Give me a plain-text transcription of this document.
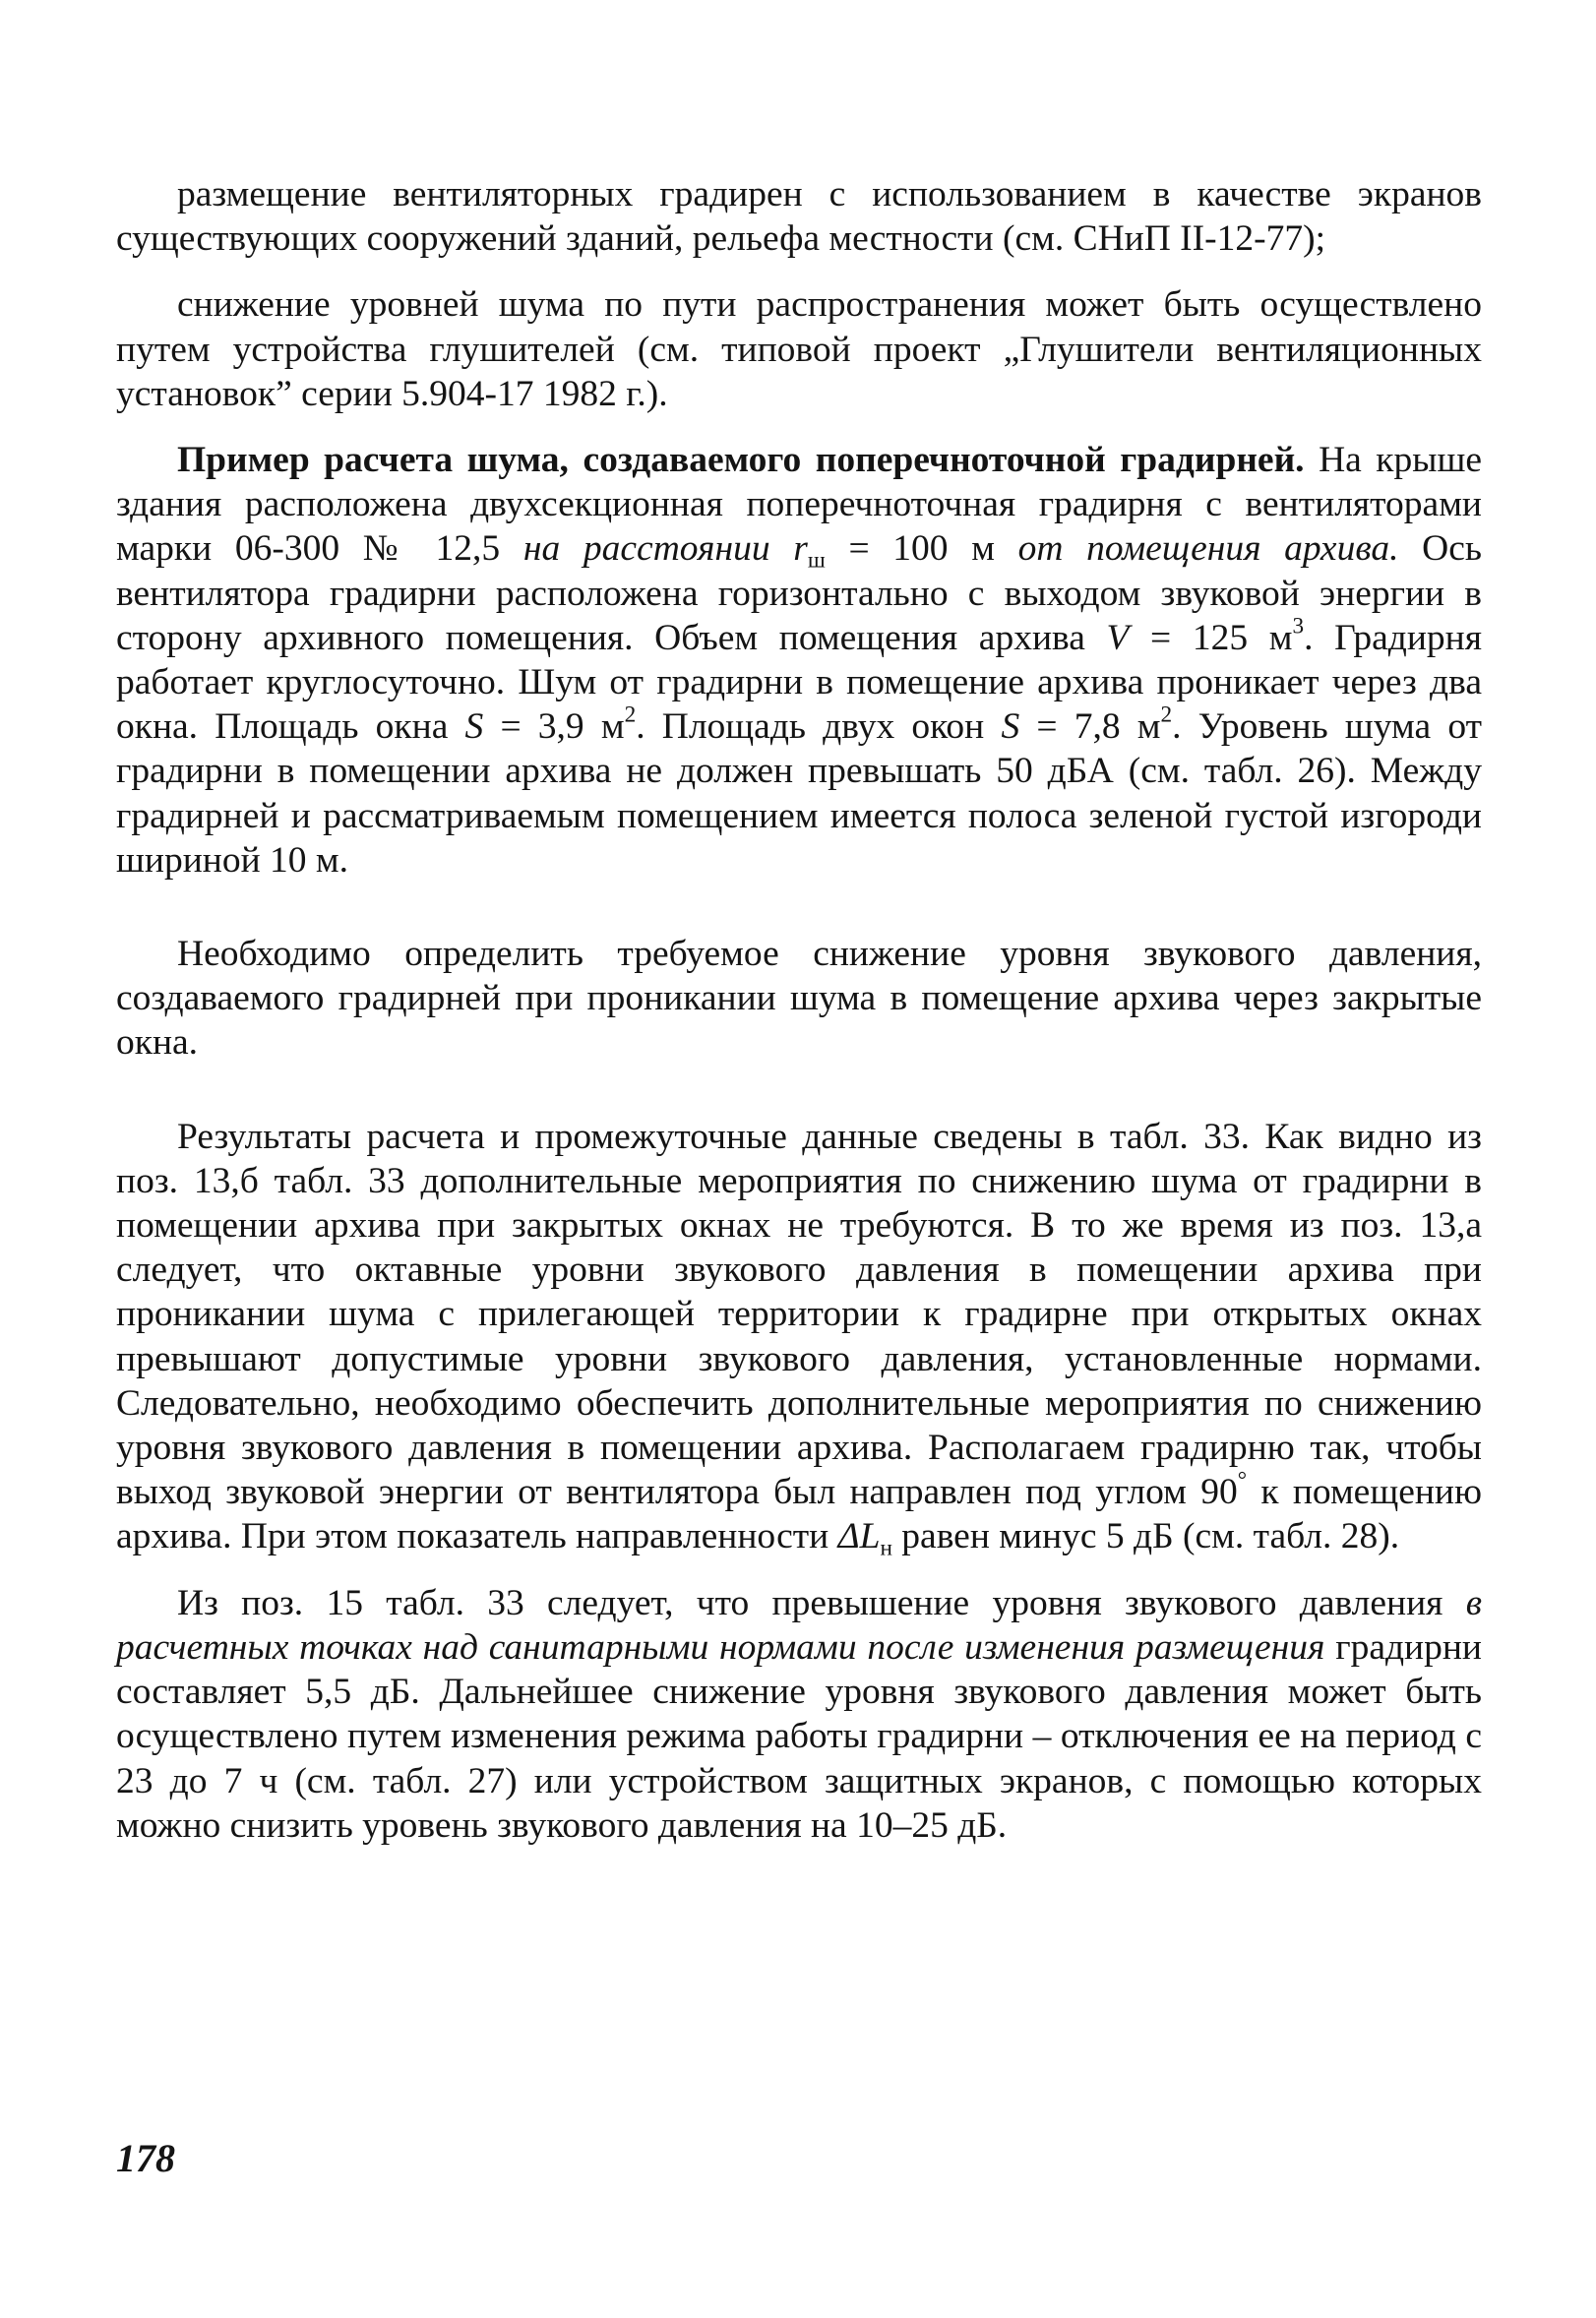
размещение вентиляторных градирен с использованием в качестве экранов существующих сооружений зданий, рельефа местности (см. СНиП II-12-77);

снижение уровней шума по пути распространения может быть осуществлено путем устройства глушителей (см. типовой проект „Глушители вентиляционных установок” серии 5.904-17 1982 г.).

Пример расчета шума, создаваемого поперечноточной градирней. На крыше здания расположена двухсекционная поперечноточная градирня с вентиляторами марки 06-300 № 12,5 на расстоянии $r_ш = 100$ м от помещения архива. Ось вентилятора градирни расположена горизонтально с выходом звуковой энергии в сторону архивного помещения. Объем помещения архива V = 125 $м^3$. Градирня работает круглосуточно. Шум от градирни в помещение архива проникает через два окна. Площадь окна S = 3,9 $м^2$. Площадь двух окон S = 7,8 $м^2$. Уровень шума от градирни в помещении архива не должен превышать 50 дБА (см. табл. 26). Между градирней и рассматриваемым помещением имеется полоса зеленой густой изгороди шириной 10 м.

Необходимо определить требуемое снижение уровня звукового давления, создаваемого градирней при проникании шума в помещение архива через закрытые окна.

Результаты расчета и промежуточные данные сведены в табл. 33. Как видно из поз. 13,б табл. 33 дополнительные мероприятия по снижению шума от градирни в помещении архива при закрытых окнах не требуются. В то же время из поз. 13,а следует, что октавные уровни звукового давления в помещении архива при проникании шума с прилегающей территории к градирне при открытых окнах превышают допустимые уровни звукового давления, установленные нормами. Следовательно, необходимо обеспечить дополнительные мероприятия по снижению уровня звукового давления в помещении архива. Располагаем градирню так, чтобы выход звуковой энергии от вентилятора был направлен под углом 90° к помещению архива. При этом показатель направленности $\Delta L_н$ равен минус 5 дБ (см. табл. 28).

Из поз. 15 табл. 33 следует, что превышение уровня звукового давления в расчетных точках над санитарными нормами после изменения размещения градирни составляет 5,5 дБ. Дальнейшее снижение уровня звукового давления может быть осуществлено путем изменения режима работы градирни – отключения ее на период с 23 до 7 ч (см. табл. 27) или устройством защитных экранов, с помощью которых можно снизить уровень звукового давления на 10–25 дБ.

178
